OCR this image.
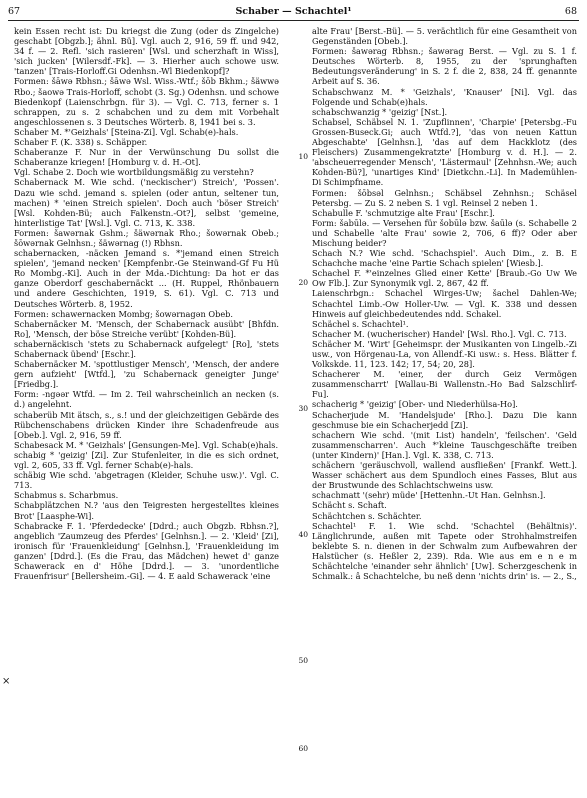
67	Schaber — Schachtel¹	68
×

kein Essen recht ist: Du kriegst die Zung (oder ds Zingelche) geschabt [Obgzb.]; ähnl. Bü]. Vgl. auch 2, 916, 59 ff. und 942, 34 f. — 2. Refl. 'sich rasieren' [Wsl. und scherzhaft in Wiss], 'sich jucken' [Wilersdf.-Fk]. — 3. Hierher auch schowe usw. 'tanzen' [Trais-Horloff.Gi Odenhsn.-Wl Biedenkopf]?

Formen: šāwə Rbhsn.; šāwə Wsl. Wiss.-Wtf.; šōb Bkhm.; šäwwə Rbo.; šaowə Trais-Horloff, schobt (3. Sg.) Odenhsn. und schowe Biedenkopf (Laienschrbgn. für 3). — Vgl. C. 713, ferner s. 1 schrappen, zu s. 2 schabchen und zu dem mit Vorbehalt angeschlossenen s. 3 Deutsches Wörterb. 8, 1941 bei s. 3.

Schaber M. *'Geizhals' [Steina-Zi]. Vgl. Schab(e)-hals.

Schaber F. (K. 338) s. Schäpper.

Schaberanze F. Nur in der Verwünschung Du sollst die Schaberanze kriegen! [Homburg v. d. H.-Ot].

Vgl. Schabe 2. Doch wie wortbildungsmäßig zu verstehn?

Schabernack M. Wie schd. ('neckischer') Streich', 'Possen'. Dazu wie schd. jemand s. spielen (oder antun, seltener tun, machen) * 'einen Streich spielen'. Doch auch 'böser Streich' [Wsl. Kohden-Bü; auch Falkenstn.-Ot?], selbst 'gemeine, hinterlistige Tat' [Wsl.]. Vgl. C. 713, K. 338.

Formen: šawərnak Gshm.; šäwərnak Rho.; šowərnak Obeb.; šōwərnak Gelnhsn.; šäwərnag (!) Rbhsn.

schabernacken, -näcken Jemand s. *'jemand einen Streich spielen', 'jemand necken' [Kempfenbr.-Ge Steinwand-Gf Fu Hü Ro Mombg.-Ki]. Auch in der Mda.-Dichtung: Da hot er das ganze Oberdorf geschabernäckt ... (H. Ruppel, Rhönbauern und andere Geschichten, 1919, S. 61). Vgl. C. 713 und Deutsches Wörterb. 8, 1952.

Formen: schawernacken Mombg; šowərnagən Obeb.

Schabernäcker M. 'Mensch, der Schabernack ausübt' [Bhfdn. Ro], 'Mensch, der böse Streiche verübt' [Kohden-Bü].

schabernäckisch 'stets zu Schabernack aufgelegt' [Ro], 'stets Schabernack übend' [Eschr.].

Schabernäcker M. 'spottlustiger Mensch', 'Mensch, der andere gern aufzieht' [Wtfd.], 'zu Schabernack geneigter Junge' [Friedbg.].

Form: -ngəər Wtfd. — Im 2. Teil wahrscheinlich an necken (s. d.) angelehnt.

schaberüb Mit ätsch, s., s.! und der gleichzeitigen Gebärde des Rübchenschabens drücken Kinder ihre Schadenfreude aus [Obeb.]. Vgl. 2, 916, 59 ff.

Schabesack M. * 'Geizhals' [Gensungen-Me]. Vgl. Schab(e)hals.

schabig * 'geizig' [Zi]. Zur Stufenleiter, in die es sich ordnet, vgl. 2, 605, 33 ff. Vgl. ferner Schab(e)-hals.

schäbig Wie schd. 'abgetragen (Kleider, Schuhe usw.)'. Vgl. C. 713.

Schabmus s. Scharbmus.

Schabplätzchen N.? 'aus den Teigresten hergestelltes kleines Brot' [Laasphe-Wi].

Schabracke F. 1. 'Pferdedecke' [Ddrd.; auch Obgzb. Rbhsn.?], angeblich 'Zaumzeug des Pferdes' [Gelnhsn.]. — 2. 'Kleid' [Zi], ironisch für 'Frauenkleidung' [Gelnhsn.], 'Frauenkleidung im ganzen' [Ddrd.]. (Es die Frau, das Mädchen) hewet d' ganze Schawerack en d' Höhe [Ddrd.]. — 3. 'unordentliche Frauenfrisur' [Bellersheim.-Gi]. — 4. E aald Schawerack 'eine

10
20
30
40
50
60

alte Frau' [Berst.-Bü]. — 5. verächtlich für eine Gesamtheit von Gegenständen [Obeb.].

Formen: šawərag Rbhsn.; šawərag Berst. — Vgl. zu S. 1 f. Deutsches Wörterb. 8, 1955, zu der 'sprunghaften Bedeutungsveränderung' in S. 2 f. die 2, 838, 24 ff. genannte Arbeit auf S. 36.

Schabschwanz M. * 'Geizhals', 'Knauser' [Ni]. Vgl. das Folgende und Schab(e)hals.

schabschwanzig * 'geizig' [Nst.].

Schabsel, Schäbsel N. 1. 'Zupflinnen', 'Charpie' [Petersbg.-Fu Grossen-Buseck.Gi; auch Wtfd.?], 'das von neuen Kattun Abgeschabte' [Gelnhsn.], 'das auf dem Hackklotz (des Fleischers) Zusammengekratzte' [Homburg v. d. H.]. — 2. 'abscheuerregender Mensch', 'Lästermaul' [Zehnhsn.-We; auch Kohden-Bü?], 'unartiges Kind' [Dietkchn.-Li]. In Mademühlen-Di Schimpfname.

Formen: šōbsəl Gelnhsn.; Schäbsel Zehnhsn.; Schäsel Petersbg. — Zu S. 2 neben S. 1 vgl. Reinsel 2 neben 1.

Schabulle F. 'schmutzige alte Frau' [Eschr.].

Form: šabūlə. — Versehen für šobūlə bzw. šaūlə (s. Schabelle 2 und Schabelle 'alte Frau' sowie 2, 706, 6 ff)? Oder aber Mischung beider?

Schach N.? Wie schd. 'Schachspiel'. Auch Dim., z. B. E Schachche mache 'eine Partie Schach spielen' [Wiesb.].

Schachel F. *'einzelnes Glied einer Kette' [Braub.-Go Uw We Ow Flb.]. Zur Synonymik vgl. 2, 867, 42 ff.

Laienschrbgn.: Schachel Wirges-Uw; šachel Dahlen-We; Schachtel Limb.-Ow Holler-Uw. — Vgl. K. 338 und dessen Hinweis auf gleichbedeutendes ndd. Schakel.

Schächel s. Schachtel¹.

Schacher M. (wucherischer) Handel' [Wsl. Rho.]. Vgl. C. 713.

Schächer M. 'Wirt' [Geheimspr. der Musikanten von Lingelb.-Zi usw., von Hörgenau-La, von Allendf.-Ki usw.: s. Hess. Blätter f. Volkskde. 11, 123. 142; 17, 54; 20, 28].

Schacherer M. 'einer, der durch Geiz Vermögen zusammenscharrt' [Wallau-Bi Wallenstn.-Ho Bad Salzschlirf-Fu].

schacherig * 'geizig' [Ober- und Niederhülsa-Ho].

Schacherjude M. 'Handelsjude' [Rho.]. Dazu Die kann geschmuse bie ein Schacherjedd [Zi].

schachern Wie schd. '(mit List) handeln', 'feilschen'. 'Geld zusammenscharren'. Auch *'kleine Tauschgeschäfte treiben (unter Kindern)' [Han.]. Vgl. K. 338, C. 713.

schächern 'geräuschvoll, wallend ausfließen' [Frankf. Wett.]. Wasser schächert aus dem Spundloch eines Fasses, Blut aus der Brustwunde des Schlachtschweins usw.

schachmatt '(sehr) müde' [Hettenhn.-Ut Han. Gelnhsn.].

Schächt s. Schaft.

Schächtchen s. Schächter.

Schachtel¹ F. 1. Wie schd. 'Schachtel (Behältnis)'. Länglichrunde, außen mit Tapete oder Strohhalmstreifen beklebte S. n. dienen in der Schwalm zum Aufbewahren der Halstücher (s. Heßler 2, 239). Rda. Wie aus em e n e m Schächtelche 'einander sehr ähnlich' [Uw]. Scherzgeschenk in Schmalk.: â Schachtelche, bu neß denn 'nichts drin' is. — 2., S.,
